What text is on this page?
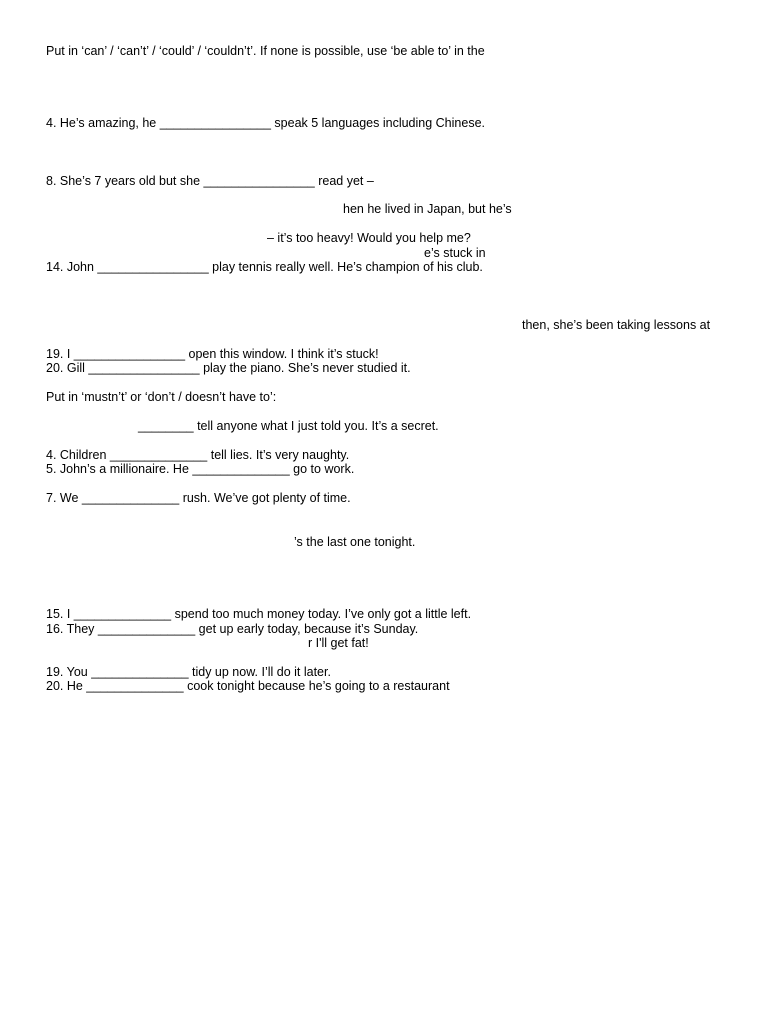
Put in ‘can’ / ‘can’t’ / ‘could’ / ‘couldn’t’. If none is possible, use ‘be able to’ in the
4. He’s amazing, he ________________ speak 5 languages including Chinese.
8. She’s 7 years old but she ________________ read yet –
hen he lived in Japan, but he’s
– it’s too heavy! Would you help me?
e’s stuck in
14. John ________________ play tennis really well. He’s champion of his club.
then, she’s been taking lessons at
19. I ________________ open this window. I think it’s stuck!
20. Gill ________________ play the piano. She’s never studied it.
Put in ‘mustn’t’ or ‘don’t / doesn’t have to’:
________ tell anyone what I just told you. It’s a secret.
4. Children ______________ tell lies. It’s very naughty.
5. John’s a millionaire. He ______________ go to work.
7. We ______________ rush. We’ve got plenty of time.
’s the last one tonight.
15. I ______________ spend too much money today. I’ve only got a little left.
16. They ______________ get up early today, because it’s Sunday.
r I'll get fat!
19. You ______________ tidy up now. I’ll do it later.
20. He ______________ cook tonight because he’s going to a restaurant
